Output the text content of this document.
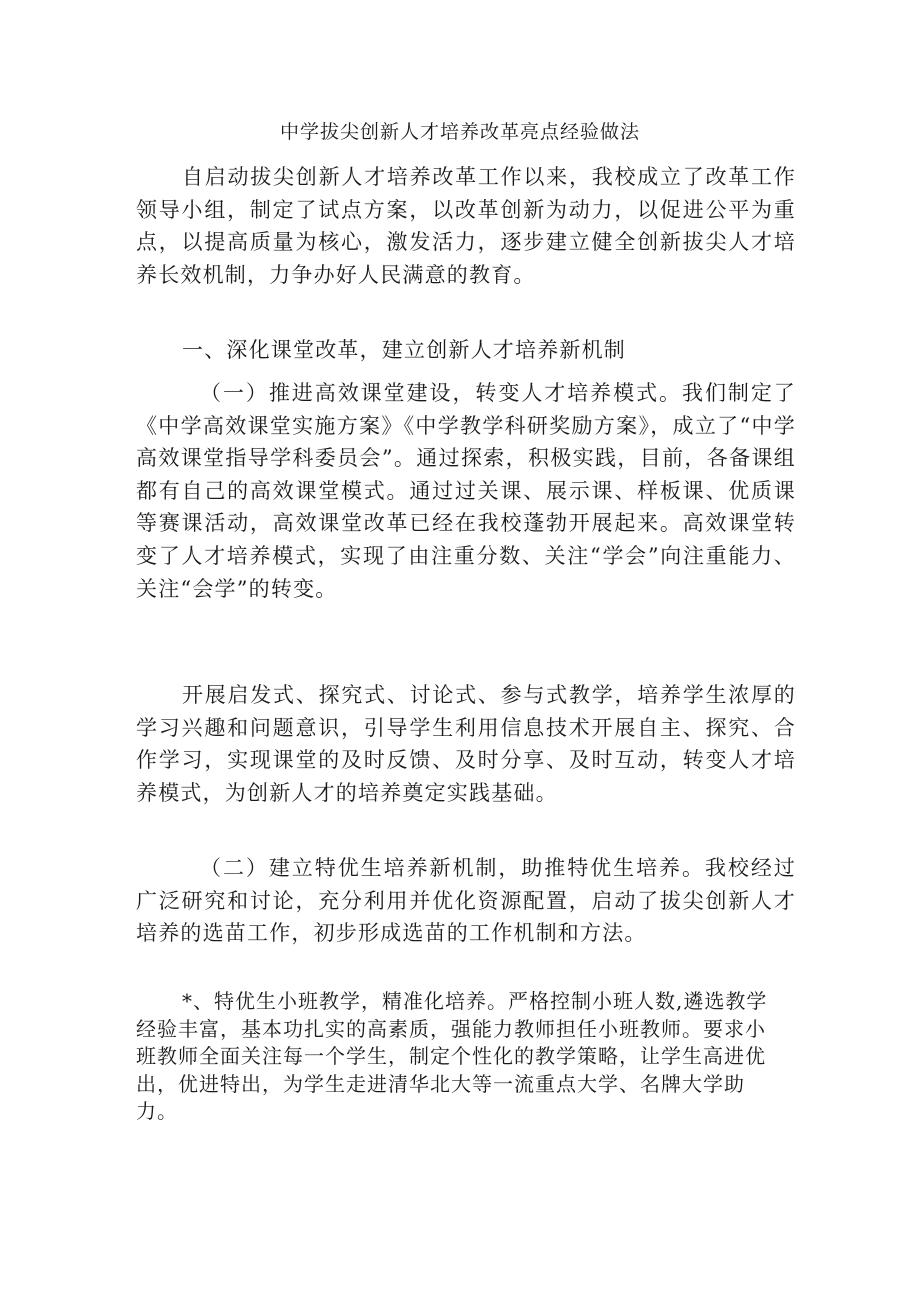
中学拔尖创新人才培养改革亮点经验做法
自启动拔尖创新人才培养改革工作以来，我校成立了改革工作领导小组，制定了试点方案，以改革创新为动力，以促进公平为重点，以提高质量为核心，激发活力，逐步建立健全创新拔尖人才培养长效机制，力争办好人民满意的教育。
一、深化课堂改革，建立创新人才培养新机制
（一）推进高效课堂建设，转变人才培养模式。我们制定了《中学高效课堂实施方案》《中学教学科研奖励方案》，成立了“中学高效课堂指导学科委员会”。通过探索，积极实践，目前，各备课组都有自己的高效课堂模式。通过过关课、展示课、样板课、优质课等赛课活动，高效课堂改革已经在我校蓬勃开展起来。高效课堂转变了人才培养模式，实现了由注重分数、关注“学会”向注重能力、关注“会学”的转变。
开展启发式、探究式、讨论式、参与式教学，培养学生浓厚的学习兴趣和问题意识，引导学生利用信息技术开展自主、探究、合作学习，实现课堂的及时反馈、及时分享、及时互动，转变人才培养模式，为创新人才的培养奠定实践基础。
（二）建立特优生培养新机制，助推特优生培养。我校经过广泛研究和讨论，充分利用并优化资源配置，启动了拔尖创新人才培养的选苗工作，初步形成选苗的工作机制和方法。
*、特优生小班教学，精准化培养。严格控制小班人数,遴选教学经验丰富，基本功扎实的高素质，强能力教师担任小班教师。要求小班教师全面关注每一个学生，制定个性化的教学策略，让学生高进优出，优进特出，为学生走进清华北大等一流重点大学、名牌大学助力。
